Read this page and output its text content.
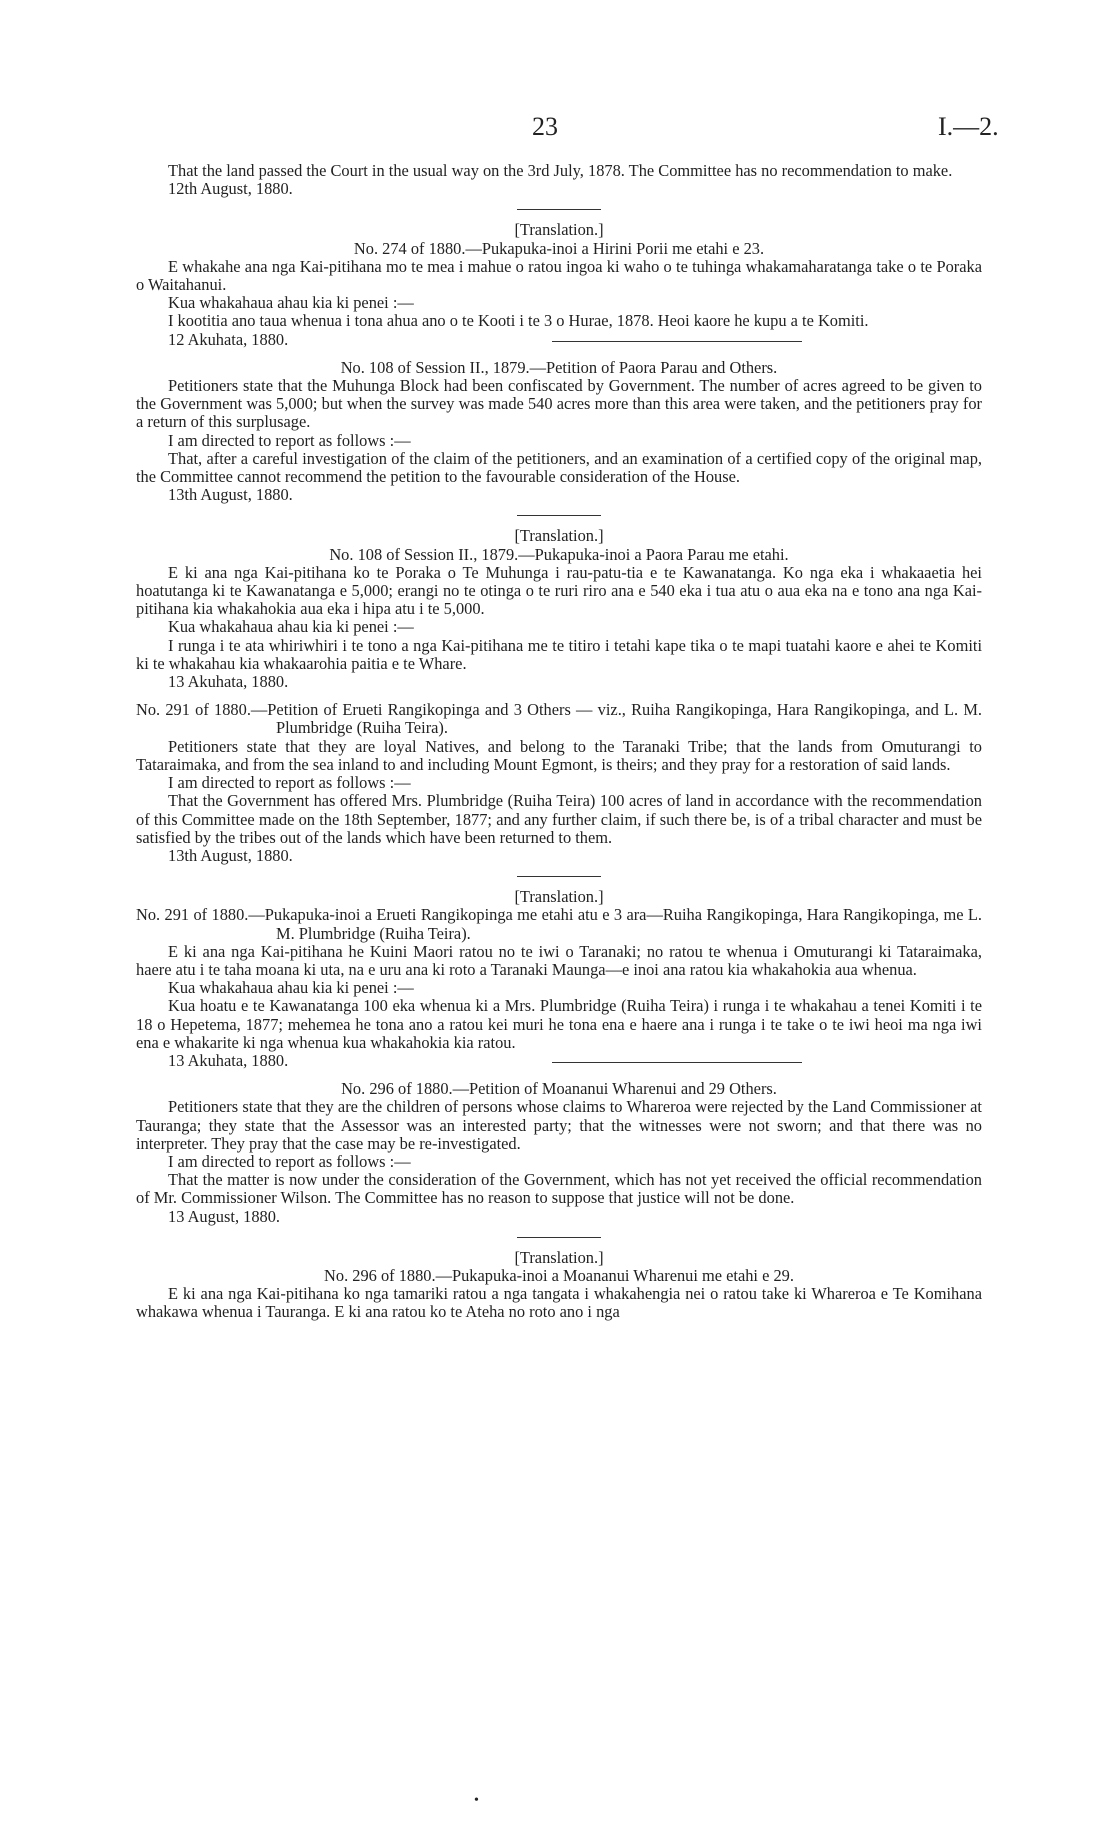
23	I.—2.

That the land passed the Court in the usual way on the 3rd July, 1878. The Committee has no recommendation to make.

12th August, 1880.

[Translation.]

No. 274 of 1880.—Pukapuka-inoi a Hirini Porii me etahi e 23.

E whakahe ana nga Kai-pitihana mo te mea i mahue o ratou ingoa ki waho o te tuhinga whakamaharatanga take o te Poraka o Waitahanui.

Kua whakahaua ahau kia ki penei :—

I kootitia ano taua whenua i tona ahua ano o te Kooti i te 3 o Hurae, 1878. Heoi kaore he kupu a te Komiti.

12 Akuhata, 1880.

No. 108 of Session II., 1879.—Petition of Paora Parau and Others.

Petitioners state that the Muhunga Block had been confiscated by Government. The number of acres agreed to be given to the Government was 5,000; but when the survey was made 540 acres more than this area were taken, and the petitioners pray for a return of this surplusage.

I am directed to report as follows :—

That, after a careful investigation of the claim of the petitioners, and an examination of a certified copy of the original map, the Committee cannot recommend the petition to the favourable consideration of the House.

13th August, 1880.

[Translation.]

No. 108 of Session II., 1879.—Pukapuka-inoi a Paora Parau me etahi.

E ki ana nga Kai-pitihana ko te Poraka o Te Muhunga i rau-patu-tia e te Kawanatanga. Ko nga eka i whakaaetia hei hoatutanga ki te Kawanatanga e 5,000; erangi no te otinga o te ruri riro ana e 540 eka i tua atu o aua eka na e tono ana nga Kai-pitihana kia whakahokia aua eka i hipa atu i te 5,000.

Kua whakahaua ahau kia ki penei :—

I runga i te ata whiriwhiri i te tono a nga Kai-pitihana me te titiro i tetahi kape tika o te mapi tuatahi kaore e ahei te Komiti ki te whakahau kia whakaarohia paitia e te Whare.

13 Akuhata, 1880.

No. 291 of 1880.—Petition of Erueti Rangikopinga and 3 Others — viz., Ruiha Rangikopinga, Hara Rangikopinga, and L. M. Plumbridge (Ruiha Teira).

Petitioners state that they are loyal Natives, and belong to the Taranaki Tribe; that the lands from Omuturangi to Tataraimaka, and from the sea inland to and including Mount Egmont, is theirs; and they pray for a restoration of said lands.

I am directed to report as follows :—

That the Government has offered Mrs. Plumbridge (Ruiha Teira) 100 acres of land in accordance with the recommendation of this Committee made on the 18th September, 1877; and any further claim, if such there be, is of a tribal character and must be satisfied by the tribes out of the lands which have been returned to them.

13th August, 1880.

[Translation.]

No. 291 of 1880.—Pukapuka-inoi a Erueti Rangikopinga me etahi atu e 3 ara—Ruiha Rangikopinga, Hara Rangikopinga, me L. M. Plumbridge (Ruiha Teira).

E ki ana nga Kai-pitihana he Kuini Maori ratou no te iwi o Taranaki; no ratou te whenua i Omuturangi ki Tataraimaka, haere atu i te taha moana ki uta, na e uru ana ki roto a Taranaki Maunga—e inoi ana ratou kia whakahokia aua whenua.

Kua whakahaua ahau kia ki penei :—

Kua hoatu e te Kawanatanga 100 eka whenua ki a Mrs. Plumbridge (Ruiha Teira) i runga i te whakahau a tenei Komiti i te 18 o Hepetema, 1877; mehemea he tona ano a ratou kei muri he tona ena e haere ana i runga i te take o te iwi heoi ma nga iwi ena e whakarite ki nga whenua kua whakahokia kia ratou.

13 Akuhata, 1880.

No. 296 of 1880.—Petition of Moananui Wharenui and 29 Others.

Petitioners state that they are the children of persons whose claims to Whareroa were rejected by the Land Commissioner at Tauranga; they state that the Assessor was an interested party; that the witnesses were not sworn; and that there was no interpreter. They pray that the case may be re-investigated.

I am directed to report as follows :—

That the matter is now under the consideration of the Government, which has not yet received the official recommendation of Mr. Commissioner Wilson. The Committee has no reason to suppose that justice will not be done.

13 August, 1880.

[Translation.]

No. 296 of 1880.—Pukapuka-inoi a Moananui Wharenui me etahi e 29.

E ki ana nga Kai-pitihana ko nga tamariki ratou a nga tangata i whakahengia nei o ratou take ki Whareroa e Te Komihana whakawa whenua i Tauranga. E ki ana ratou ko te Ateha no roto ano i nga

•
